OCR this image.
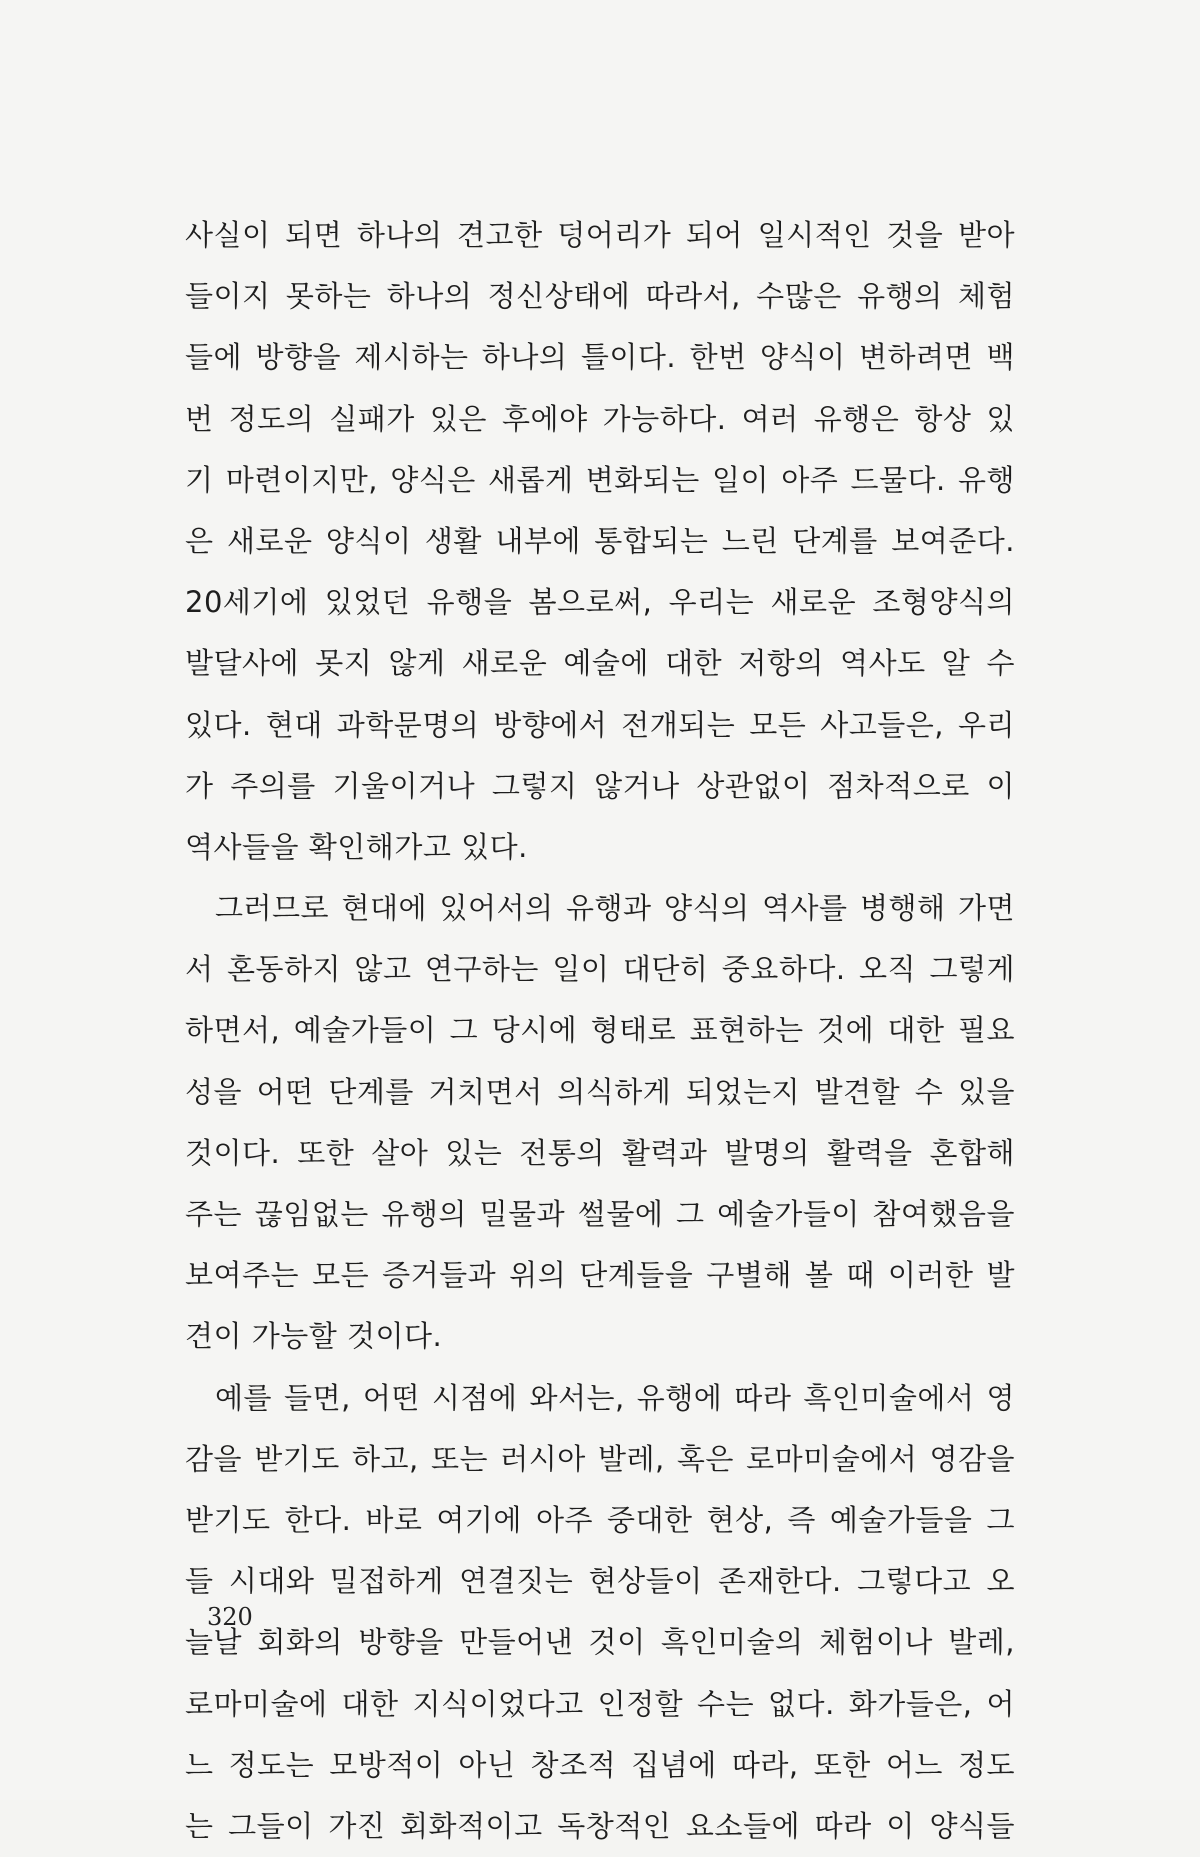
사실이 되면 하나의 견고한 덩어리가 되어 일시적인 것을 받아
들이지 못하는 하나의 정신상태에 따라서, 수많은 유행의 체험
들에 방향을 제시하는 하나의 틀이다. 한번 양식이 변하려면 백
번 정도의 실패가 있은 후에야 가능하다. 여러 유행은 항상 있
기 마련이지만, 양식은 새롭게 변화되는 일이 아주 드물다. 유행
은 새로운 양식이 생활 내부에 통합되는 느린 단계를 보여준다.
20세기에 있었던 유행을 봄으로써, 우리는 새로운 조형양식의
발달사에 못지 않게 새로운 예술에 대한 저항의 역사도 알 수
있다. 현대 과학문명의 방향에서 전개되는 모든 사고들은, 우리
가 주의를 기울이거나 그렇지 않거나 상관없이 점차적으로 이
역사들을 확인해가고 있다.
그러므로 현대에 있어서의 유행과 양식의 역사를 병행해 가면
서 혼동하지 않고 연구하는 일이 대단히 중요하다. 오직 그렇게
하면서, 예술가들이 그 당시에 형태로 표현하는 것에 대한 필요
성을 어떤 단계를 거치면서 의식하게 되었는지 발견할 수 있을
것이다. 또한 살아 있는 전통의 활력과 발명의 활력을 혼합해
주는 끊임없는 유행의 밀물과 썰물에 그 예술가들이 참여했음을
보여주는 모든 증거들과 위의 단계들을 구별해 볼 때 이러한 발
견이 가능할 것이다.
예를 들면, 어떤 시점에 와서는, 유행에 따라 흑인미술에서 영
감을 받기도 하고, 또는 러시아 발레, 혹은 로마미술에서 영감을
받기도 한다. 바로 여기에 아주 중대한 현상, 즉 예술가들을 그
들 시대와 밀접하게 연결짓는 현상들이 존재한다. 그렇다고 오
늘날 회화의 방향을 만들어낸 것이 흑인미술의 체험이나 발레,
로마미술에 대한 지식이었다고 인정할 수는 없다. 화가들은, 어
느 정도는 모방적이 아닌 창조적 집념에 따라, 또한 어느 정도
는 그들이 가진 회화적이고 독창적인 요소들에 따라 이 양식들
320
